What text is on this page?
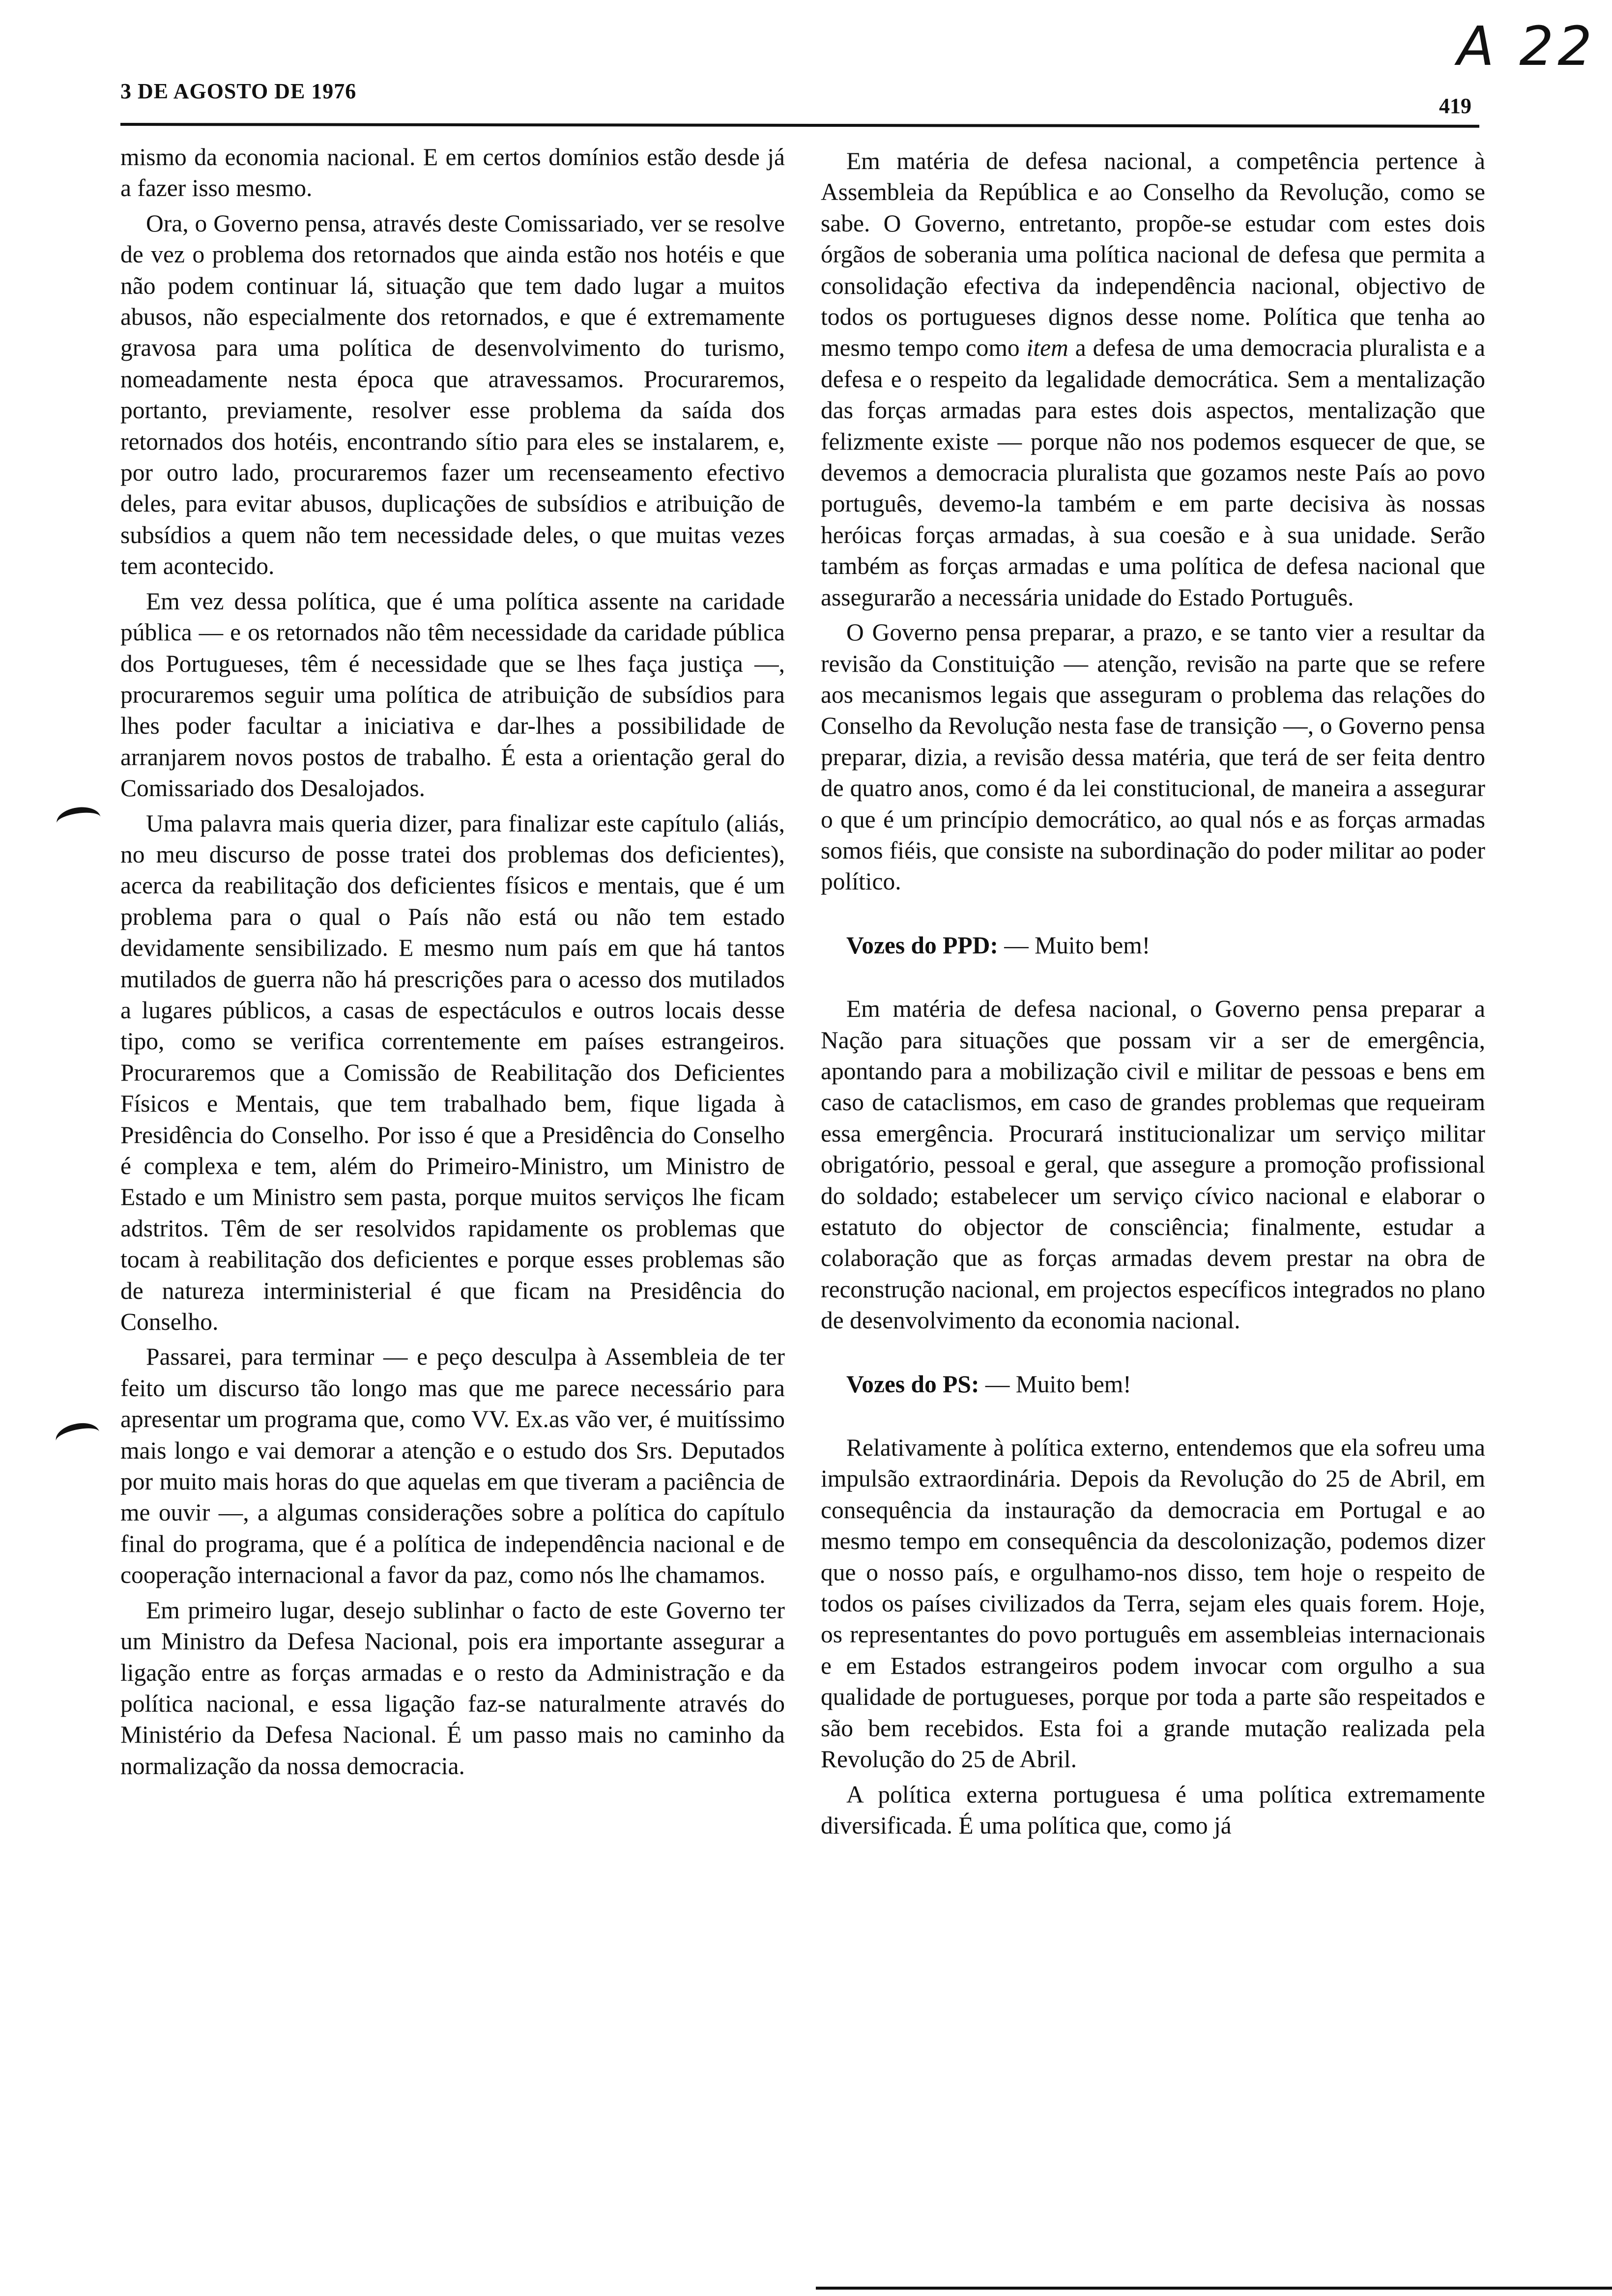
A 22
3 DE AGOSTO DE 1976
419

mismo da economia nacional. E em certos domínios estão desde já a fazer isso mesmo.

Ora, o Governo pensa, através deste Comissariado, ver se resolve de vez o problema dos retornados que ainda estão nos hotéis e que não podem continuar lá, situação que tem dado lugar a muitos abusos, não especialmente dos retornados, e que é extremamente gravosa para uma política de desenvolvimento do turismo, nomeadamente nesta época que atravessamos. Procuraremos, portanto, previamente, resolver esse problema da saída dos retornados dos hotéis, encontrando sítio para eles se instalarem, e, por outro lado, procuraremos fazer um recenseamento efectivo deles, para evitar abusos, duplicações de subsídios e atribuição de subsídios a quem não tem necessidade deles, o que muitas vezes tem acontecido.

Em vez dessa política, que é uma política assente na caridade pública — e os retornados não têm necessidade da caridade pública dos Portugueses, têm é necessidade que se lhes faça justiça —, procuraremos seguir uma política de atribuição de subsídios para lhes poder facultar a iniciativa e dar-lhes a possibilidade de arranjarem novos postos de trabalho. É esta a orientação geral do Comissariado dos Desalojados.

Uma palavra mais queria dizer, para finalizar este capítulo (aliás, no meu discurso de posse tratei dos problemas dos deficientes), acerca da reabilitação dos deficientes físicos e mentais, que é um problema para o qual o País não está ou não tem estado devidamente sensibilizado. E mesmo num país em que há tantos mutilados de guerra não há prescrições para o acesso dos mutilados a lugares públicos, a casas de espectáculos e outros locais desse tipo, como se verifica correntemente em países estrangeiros. Procuraremos que a Comissão de Reabilitação dos Deficientes Físicos e Mentais, que tem trabalhado bem, fique ligada à Presidência do Conselho. Por isso é que a Presidência do Conselho é complexa e tem, além do Primeiro-Ministro, um Ministro de Estado e um Ministro sem pasta, porque muitos serviços lhe ficam adstritos. Têm de ser resolvidos rapidamente os problemas que tocam à reabilitação dos deficientes e porque esses problemas são de natureza interministerial é que ficam na Presidência do Conselho.

Passarei, para terminar — e peço desculpa à Assembleia de ter feito um discurso tão longo mas que me parece necessário para apresentar um programa que, como VV. Ex.as vão ver, é muitíssimo mais longo e vai demorar a atenção e o estudo dos Srs. Deputados por muito mais horas do que aquelas em que tiveram a paciência de me ouvir —, a algumas considerações sobre a política do capítulo final do programa, que é a política de independência nacional e de cooperação internacional a favor da paz, como nós lhe chamamos.

Em primeiro lugar, desejo sublinhar o facto de este Governo ter um Ministro da Defesa Nacional, pois era importante assegurar a ligação entre as forças armadas e o resto da Administração e da política nacional, e essa ligação faz-se naturalmente através do Ministério da Defesa Nacional. É um passo mais no caminho da normalização da nossa democracia.

Em matéria de defesa nacional, a competência pertence à Assembleia da República e ao Conselho da Revolução, como se sabe. O Governo, entretanto, propõe-se estudar com estes dois órgãos de soberania uma política nacional de defesa que permita a consolidação efectiva da independência nacional, objectivo de todos os portugueses dignos desse nome. Política que tenha ao mesmo tempo como item a defesa de uma democracia pluralista e a defesa e o respeito da legalidade democrática. Sem a mentalização das forças armadas para estes dois aspectos, mentalização que felizmente existe — porque não nos podemos esquecer de que, se devemos a democracia pluralista que gozamos neste País ao povo português, devemo-la também e em parte decisiva às nossas heróicas forças armadas, à sua coesão e à sua unidade. Serão também as forças armadas e uma política de defesa nacional que assegurarão a necessária unidade do Estado Português.

O Governo pensa preparar, a prazo, e se tanto vier a resultar da revisão da Constituição — atenção, revisão na parte que se refere aos mecanismos legais que asseguram o problema das relações do Conselho da Revolução nesta fase de transição —, o Governo pensa preparar, dizia, a revisão dessa matéria, que terá de ser feita dentro de quatro anos, como é da lei constitucional, de maneira a assegurar o que é um princípio democrático, ao qual nós e as forças armadas somos fiéis, que consiste na subordinação do poder militar ao poder político.

Vozes do PPD: — Muito bem!

Em matéria de defesa nacional, o Governo pensa preparar a Nação para situações que possam vir a ser de emergência, apontando para a mobilização civil e militar de pessoas e bens em caso de cataclismos, em caso de grandes problemas que requeiram essa emergência. Procurará institucionalizar um serviço militar obrigatório, pessoal e geral, que assegure a promoção profissional do soldado; estabelecer um serviço cívico nacional e elaborar o estatuto do objector de consciência; finalmente, estudar a colaboração que as forças armadas devem prestar na obra de reconstrução nacional, em projectos específicos integrados no plano de desenvolvimento da economia nacional.

Vozes do PS: — Muito bem!

Relativamente à política externo, entendemos que ela sofreu uma impulsão extraordinária. Depois da Revolução do 25 de Abril, em consequência da instauração da democracia em Portugal e ao mesmo tempo em consequência da descolonização, podemos dizer que o nosso país, e orgulhamo-nos disso, tem hoje o respeito de todos os países civilizados da Terra, sejam eles quais forem. Hoje, os representantes do povo português em assembleias internacionais e em Estados estrangeiros podem invocar com orgulho a sua qualidade de portugueses, porque por toda a parte são respeitados e são bem recebidos. Esta foi a grande mutação realizada pela Revolução do 25 de Abril.

A política externa portuguesa é uma política extremamente diversificada. É uma política que, como já
